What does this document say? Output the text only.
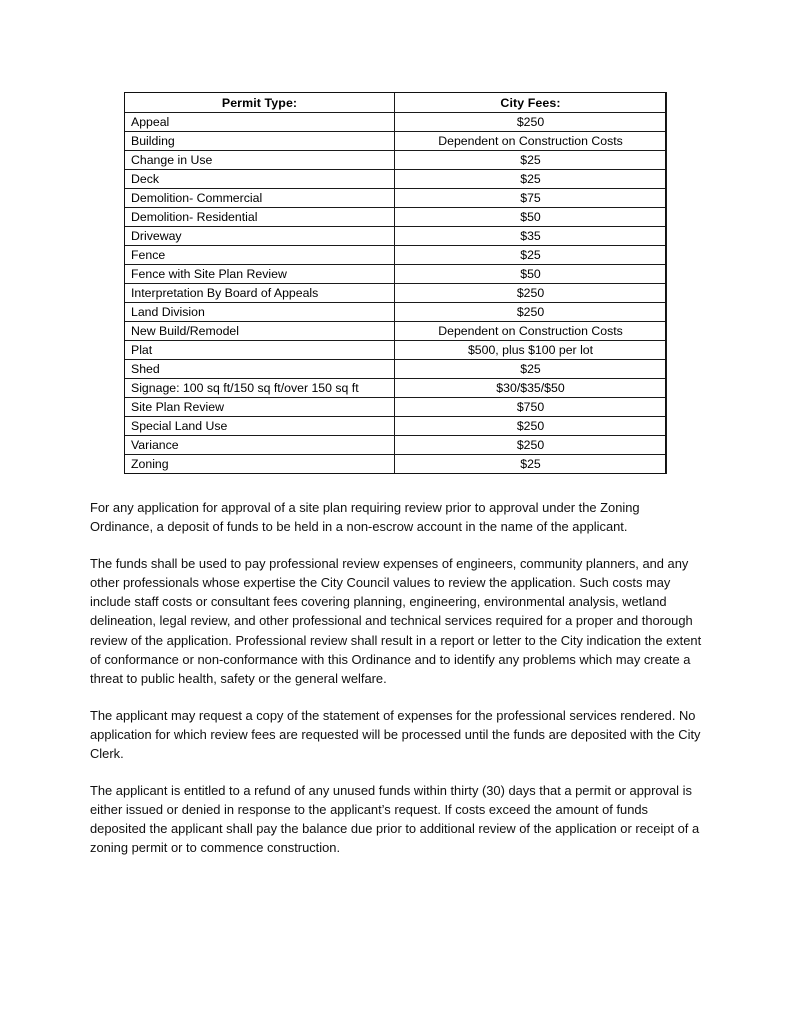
Permit Type:	City Fees:
Appeal	$250
Building	Dependent on Construction Costs
Change in Use	$25
Deck	$25
Demolition- Commercial	$75
Demolition- Residential	$50
Driveway	$35
Fence	$25
Fence with Site Plan Review	$50
Interpretation By Board of Appeals	$250
Land Division	$250
New Build/Remodel	Dependent on Construction Costs
Plat	$500, plus $100 per lot
Shed	$25
Signage: 100 sq ft/150 sq ft/over 150 sq ft	$30/$35/$50
Site Plan Review	$750
Special Land Use	$250
Variance	$250
Zoning	$25

For any application for approval of a site plan requiring review prior to approval under the Zoning Ordinance, a deposit of funds to be held in a non-escrow account in the name of the applicant.

The funds shall be used to pay professional review expenses of engineers, community planners, and any other professionals whose expertise the City Council values to review the application. Such costs may include staff costs or consultant fees covering planning, engineering, environmental analysis, wetland delineation, legal review, and other professional and technical services required for a proper and thorough review of the application. Professional review shall result in a report or letter to the City indication the extent of conformance or non-conformance with this Ordinance and to identify any problems which may create a threat to public health, safety or the general welfare.

The applicant may request a copy of the statement of expenses for the professional services rendered. No application for which review fees are requested will be processed until the funds are deposited with the City Clerk.

The applicant is entitled to a refund of any unused funds within thirty (30) days that a permit or approval is either issued or denied in response to the applicant’s request. If costs exceed the amount of funds deposited the applicant shall pay the balance due prior to additional review of the application or receipt of a zoning permit or to commence construction.
